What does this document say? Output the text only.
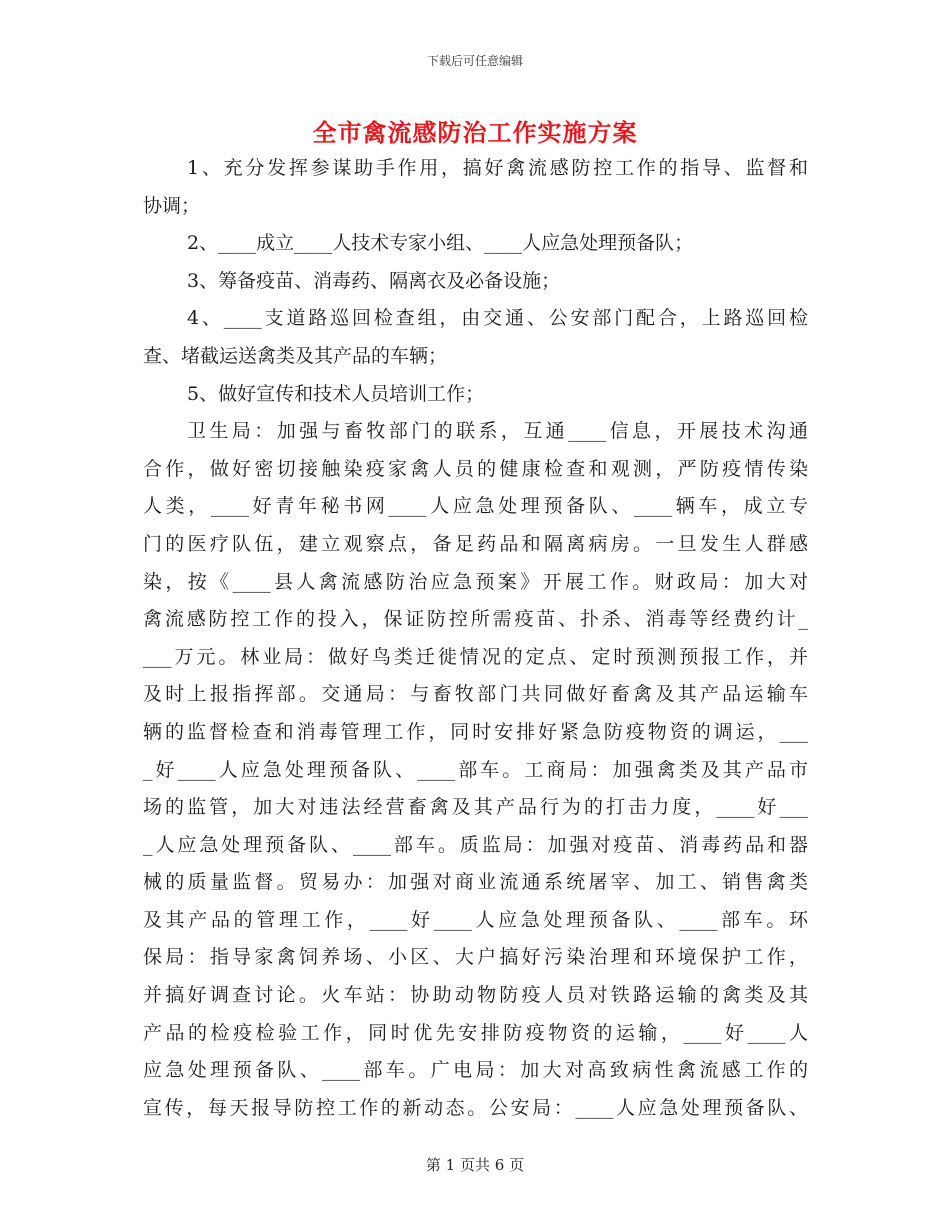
下载后可任意编辑
全市禽流感防治工作实施方案
1、充分发挥参谋助手作用，搞好禽流感防控工作的指导、监督和
协调；
2、____成立____人技术专家小组、____人应急处理预备队；
3、筹备疫苗、消毒药、隔离衣及必备设施；
4、____支道路巡回检查组，由交通、公安部门配合，上路巡回检
查、堵截运送禽类及其产品的车辆；
5、做好宣传和技术人员培训工作；
卫生局：加强与畜牧部门的联系，互通____信息，开展技术沟通
合作，做好密切接触染疫家禽人员的健康检查和观测，严防疫情传染
人类，____好青年秘书网____人应急处理预备队、____辆车，成立专
门的医疗队伍，建立观察点，备足药品和隔离病房。一旦发生人群感
染，按《____县人禽流感防治应急预案》开展工作。财政局：加大对
禽流感防控工作的投入，保证防控所需疫苗、扑杀、消毒等经费约计_
___万元。林业局：做好鸟类迁徙情况的定点、定时预测预报工作，并
及时上报指挥部。交通局：与畜牧部门共同做好畜禽及其产品运输车
辆的监督检查和消毒管理工作，同时安排好紧急防疫物资的调运，___
_好____人应急处理预备队、____部车。工商局：加强禽类及其产品市
场的监管，加大对违法经营畜禽及其产品行为的打击力度，____好___
_人应急处理预备队、____部车。质监局：加强对疫苗、消毒药品和器
械的质量监督。贸易办：加强对商业流通系统屠宰、加工、销售禽类
及其产品的管理工作，____好____人应急处理预备队、____部车。环
保局：指导家禽饲养场、小区、大户搞好污染治理和环境保护工作，
并搞好调查讨论。火车站：协助动物防疫人员对铁路运输的禽类及其
产品的检疫检验工作，同时优先安排防疫物资的运输，____好____人
应急处理预备队、____部车。广电局：加大对高致病性禽流感工作的
宣传，每天报导防控工作的新动态。公安局：____人应急处理预备队、
第 1 页共 6 页
